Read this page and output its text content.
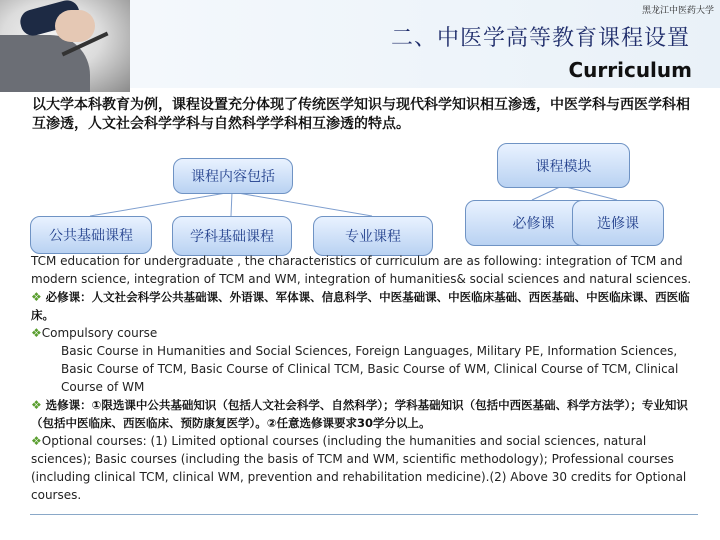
黑龙江中医药大学
二、中医学高等教育课程设置
Curriculum
以大学本科教育为例，课程设置充分体现了传统医学知识与现代科学知识相互渗透，中医学科与西医学科相互渗透，人文社会科学学科与自然科学学科相互渗透的特点。
课程内容包括
课程模块
公共基础课程	学科基础课程	专业课程
必修课	选修课

TCM education for undergraduate , the characteristics of curriculum are as following: integration of TCM and modern science, integration of TCM and WM, integration of humanities& social sciences and natural sciences.

❖ 必修课：人文社会科学公共基础课、外语课、军体课、信息科学、中医基础课、中医临床基础、西医基础、中医临床课、西医临床。

❖Compulsory course

Basic Course in Humanities and Social Sciences, Foreign Languages, Military PE, Information Sciences, Basic Course of TCM, Basic Course of Clinical TCM, Basic Course of WM, Clinical Course of TCM, Clinical Course of WM

❖ 选修课：①限选课中公共基础知识（包括人文社会科学、自然科学）；学科基础知识（包括中西医基础、科学方法学）；专业知识（包括中医临床、西医临床、预防康复医学）。②任意选修课要求30学分以上。

❖Optional courses: (1) Limited optional courses (including the humanities and social sciences, natural sciences); Basic courses (including the basis of TCM and WM, scientific methodology); Professional courses (including clinical TCM, clinical WM, prevention and rehabilitation medicine).(2) Above 30 credits for Optional courses.
